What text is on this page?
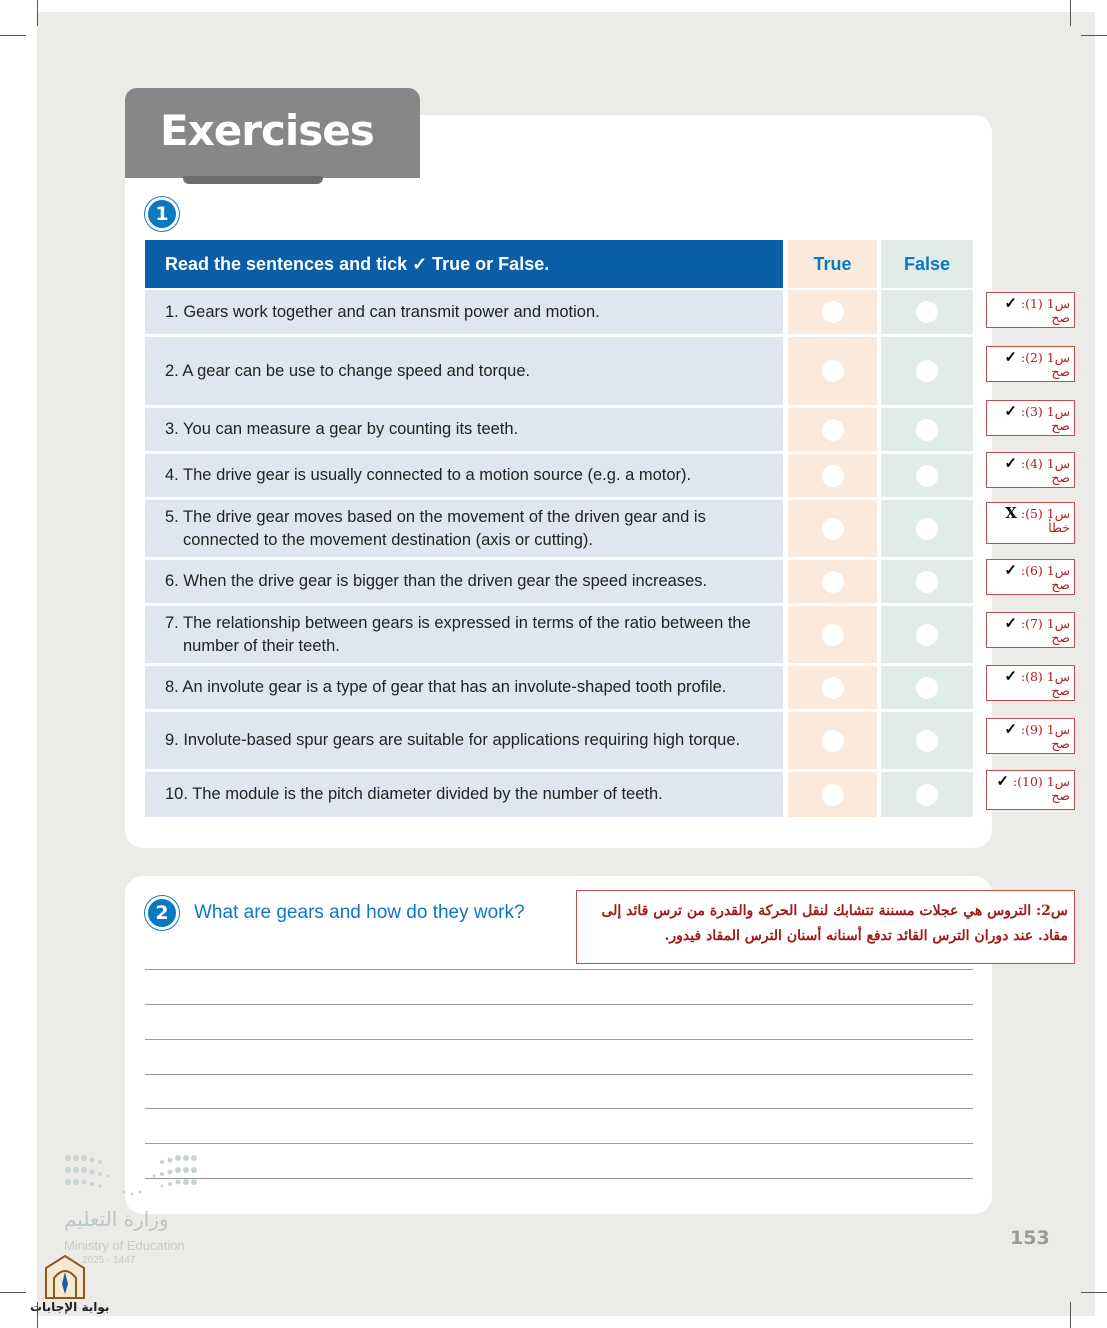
Exercises
1
Read the sentences and tick ✓ True or False.	True	False
1. Gears work together and can transmit power and motion.
2. A gear can be use to change speed and torque.
3. You can measure a gear by counting its teeth.
4. The drive gear is usually connected to a motion source (e.g. a motor).
5. The drive gear moves based on the movement of the driven gear and is connected to the movement destination (axis or cutting).
6. When the drive gear is bigger than the driven gear the speed increases.
7. The relationship between gears is expressed in terms of the ratio between the number of their teeth.
8. An involute gear is a type of gear that has an involute-shaped tooth profile.
9. Involute-based spur gears are suitable for applications requiring high torque.
10. The module is the pitch diameter divided by the number of teeth.
س1 (1): ✓ صح
س1 (2): ✓ صح
س1 (3): ✓ صح
س1 (4): ✓ صح
س1 (5): X
خطأ
س1 (6): ✓ صح
س1 (7): ✓ صح
س1 (8): ✓ صح
س1 (9): ✓ صح
س1 (10): ✓
صح
2	What are gears and how do they work?	س2: التروس هي عجلات مسننة تتشابك لنقل الحركة والقدرة من ترس قائد إلى مقاد. عند دوران الترس القائد تدفع أسنانه أسنان الترس المقاد فيدور.
153
وزارة التعليم
Ministry of Education
2025 - 1447
بوابة الإجابات
